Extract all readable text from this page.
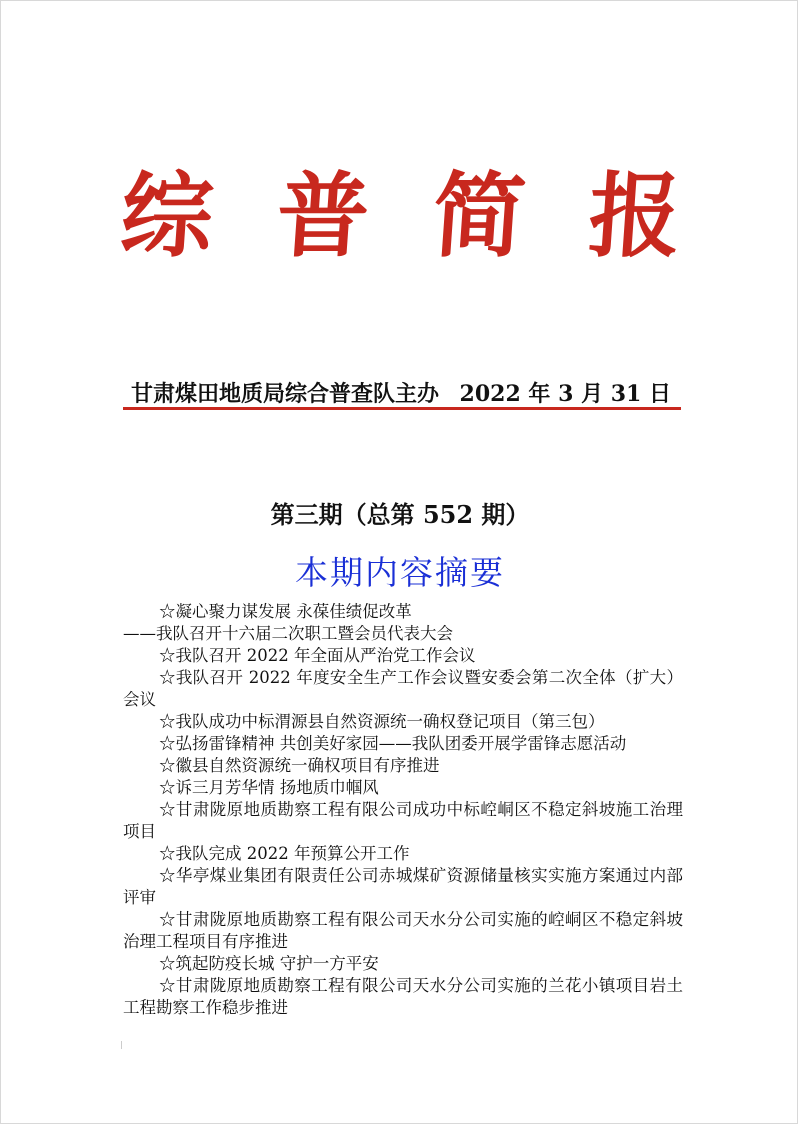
综 普 简 报
甘肃煤田地质局综合普查队主办 2022 年 3 月 31 日
第三期（总第 552 期）
本期内容摘要
☆凝心聚力谋发展 永葆佳绩促改革
——我队召开十六届二次职工暨会员代表大会
☆我队召开 2022 年全面从严治党工作会议
☆我队召开 2022 年度安全生产工作会议暨安委会第二次全体（扩大）会议
☆我队成功中标渭源县自然资源统一确权登记项目（第三包）
☆弘扬雷锋精神 共创美好家园——我队团委开展学雷锋志愿活动
☆徽县自然资源统一确权项目有序推进
☆诉三月芳华情 扬地质巾帼风
☆甘肃陇原地质勘察工程有限公司成功中标崆峒区不稳定斜坡施工治理项目
☆我队完成 2022 年预算公开工作
☆华亭煤业集团有限责任公司赤城煤矿资源储量核实实施方案通过内部评审
☆甘肃陇原地质勘察工程有限公司天水分公司实施的崆峒区不稳定斜坡治理工程项目有序推进
☆筑起防疫长城 守护一方平安
☆甘肃陇原地质勘察工程有限公司天水分公司实施的兰花小镇项目岩土工程勘察工作稳步推进
